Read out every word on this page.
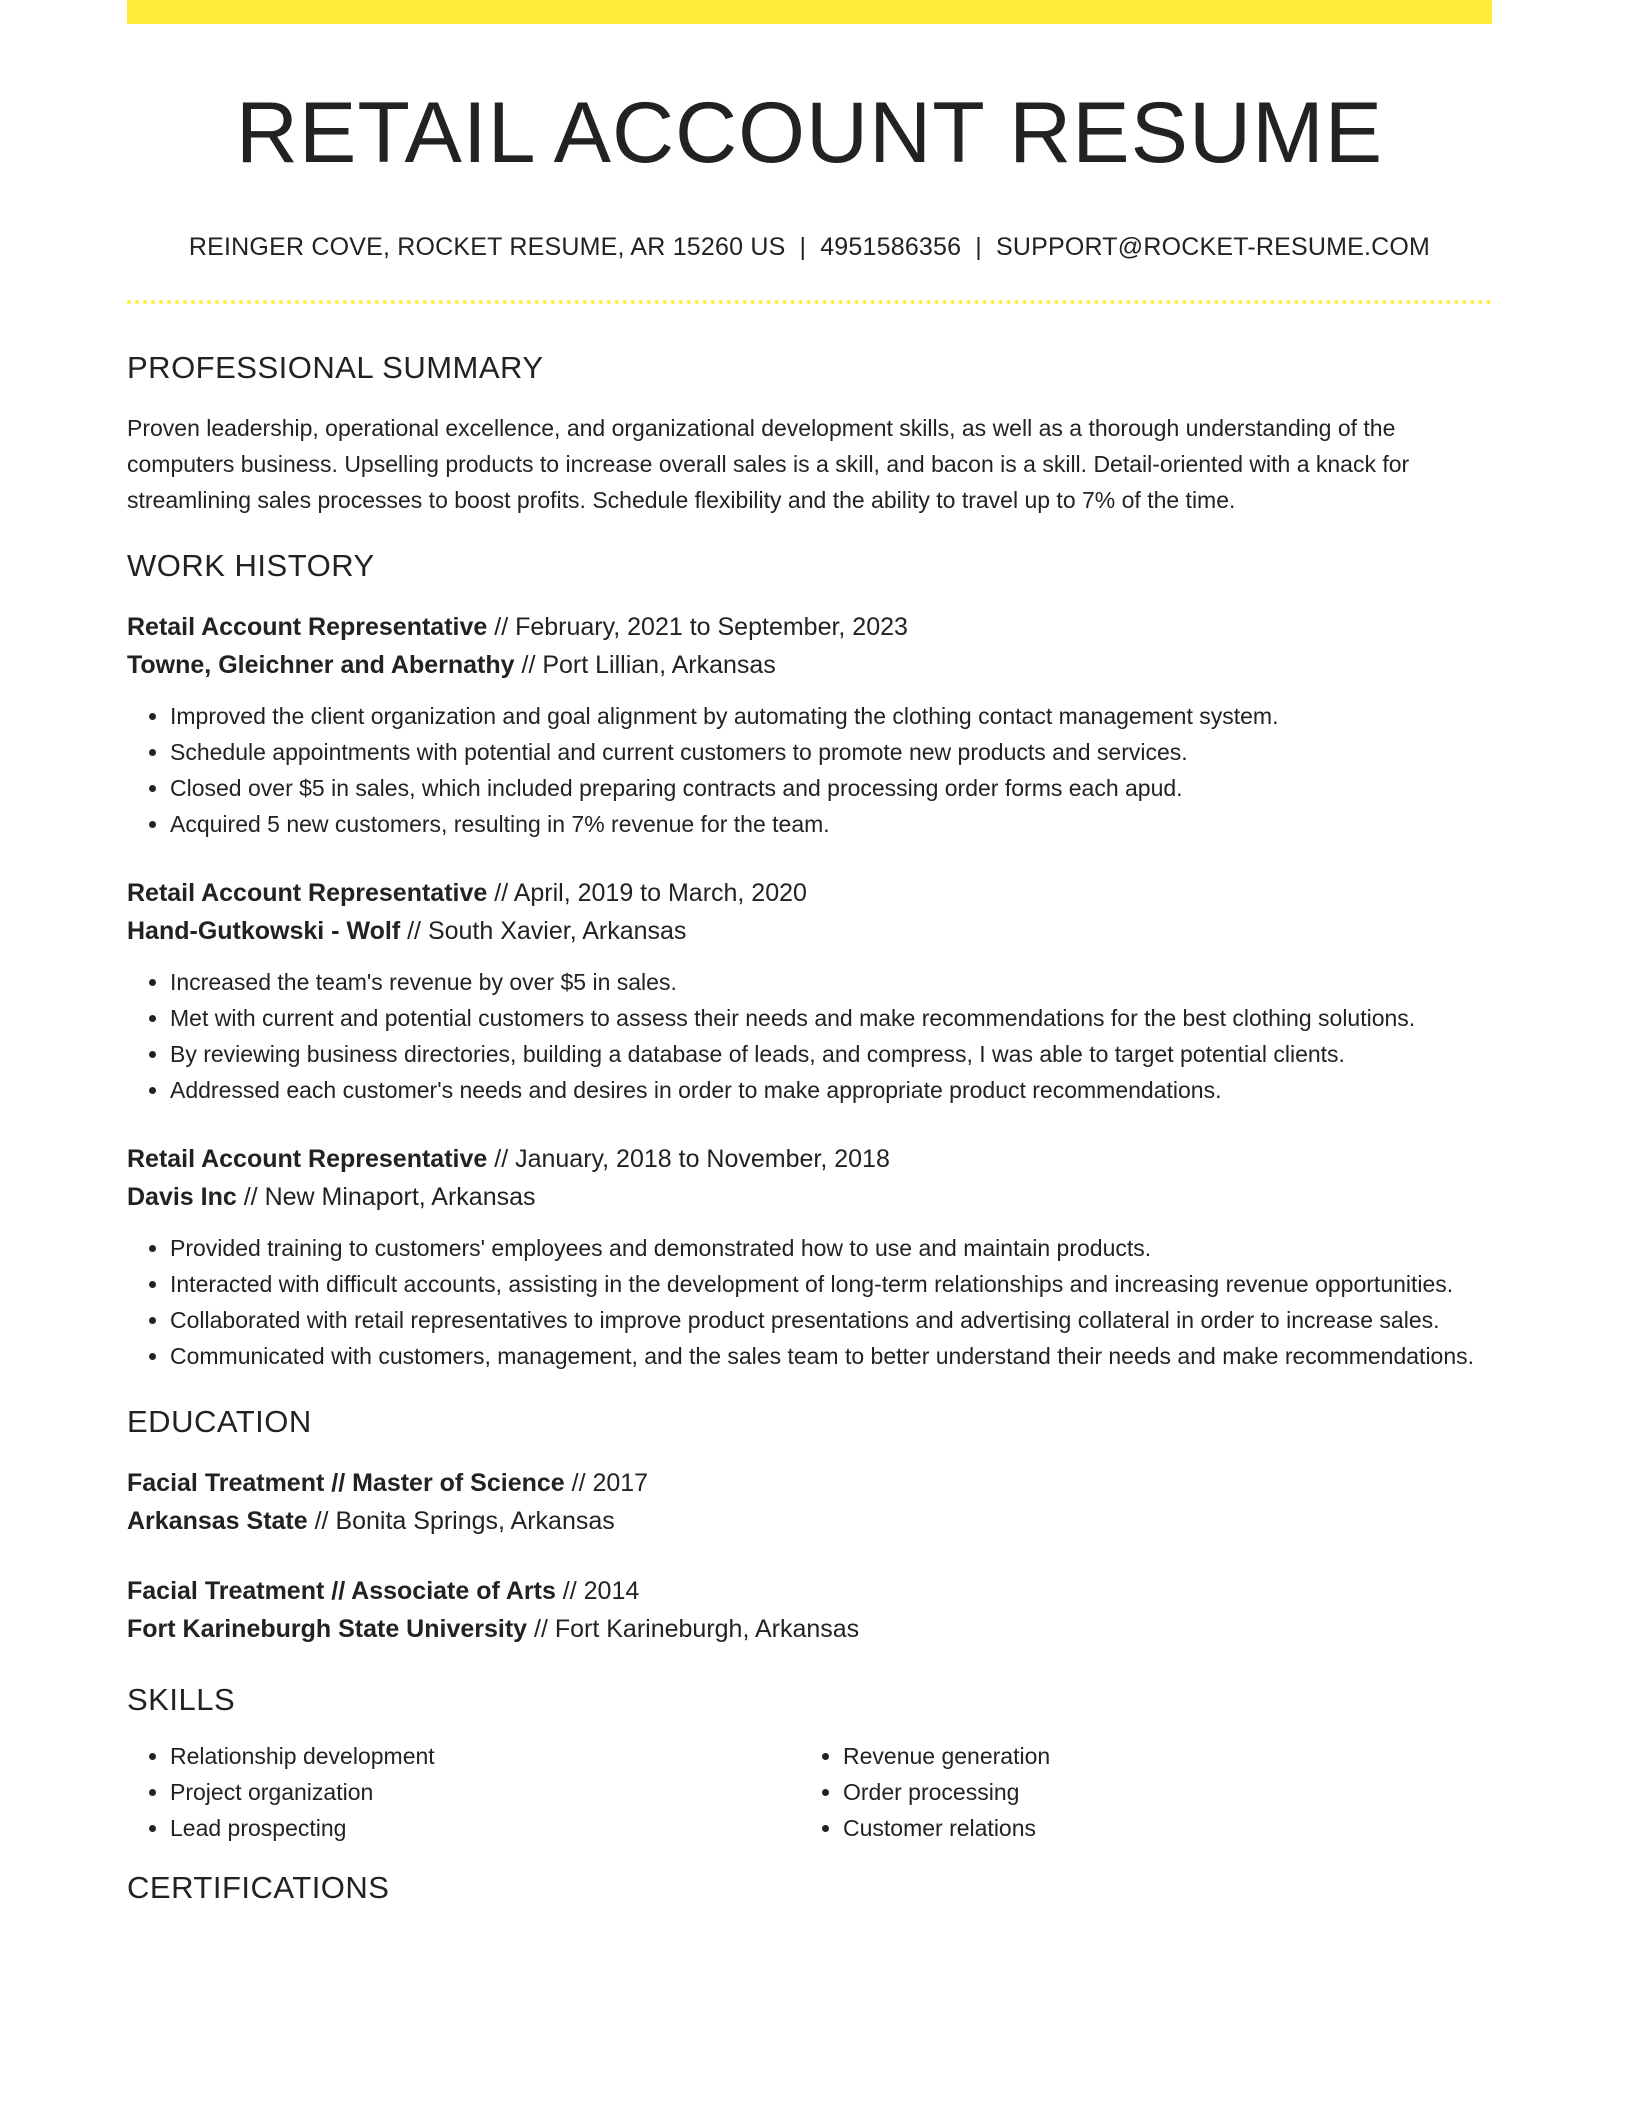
RETAIL ACCOUNT RESUME
REINGER COVE, ROCKET RESUME, AR 15260 US | 4951586356 | SUPPORT@ROCKET-RESUME.COM
PROFESSIONAL SUMMARY
Proven leadership, operational excellence, and organizational development skills, as well as a thorough understanding of the computers business. Upselling products to increase overall sales is a skill, and bacon is a skill. Detail-oriented with a knack for streamlining sales processes to boost profits. Schedule flexibility and the ability to travel up to 7% of the time.
WORK HISTORY
Retail Account Representative // February, 2021 to September, 2023
Towne, Gleichner and Abernathy // Port Lillian, Arkansas
• Improved the client organization and goal alignment by automating the clothing contact management system.
• Schedule appointments with potential and current customers to promote new products and services.
• Closed over $5 in sales, which included preparing contracts and processing order forms each apud.
• Acquired 5 new customers, resulting in 7% revenue for the team.
Retail Account Representative // April, 2019 to March, 2020
Hand-Gutkowski - Wolf // South Xavier, Arkansas
• Increased the team's revenue by over $5 in sales.
• Met with current and potential customers to assess their needs and make recommendations for the best clothing solutions.
• By reviewing business directories, building a database of leads, and compress, I was able to target potential clients.
• Addressed each customer's needs and desires in order to make appropriate product recommendations.
Retail Account Representative // January, 2018 to November, 2018
Davis Inc // New Minaport, Arkansas
• Provided training to customers' employees and demonstrated how to use and maintain products.
• Interacted with difficult accounts, assisting in the development of long-term relationships and increasing revenue opportunities.
• Collaborated with retail representatives to improve product presentations and advertising collateral in order to increase sales.
• Communicated with customers, management, and the sales team to better understand their needs and make recommendations.
EDUCATION
Facial Treatment // Master of Science // 2017
Arkansas State // Bonita Springs, Arkansas
Facial Treatment // Associate of Arts // 2014
Fort Karineburgh State University // Fort Karineburgh, Arkansas
SKILLS
• Relationship development
• Project organization
• Lead prospecting
• Revenue generation
• Order processing
• Customer relations
CERTIFICATIONS
